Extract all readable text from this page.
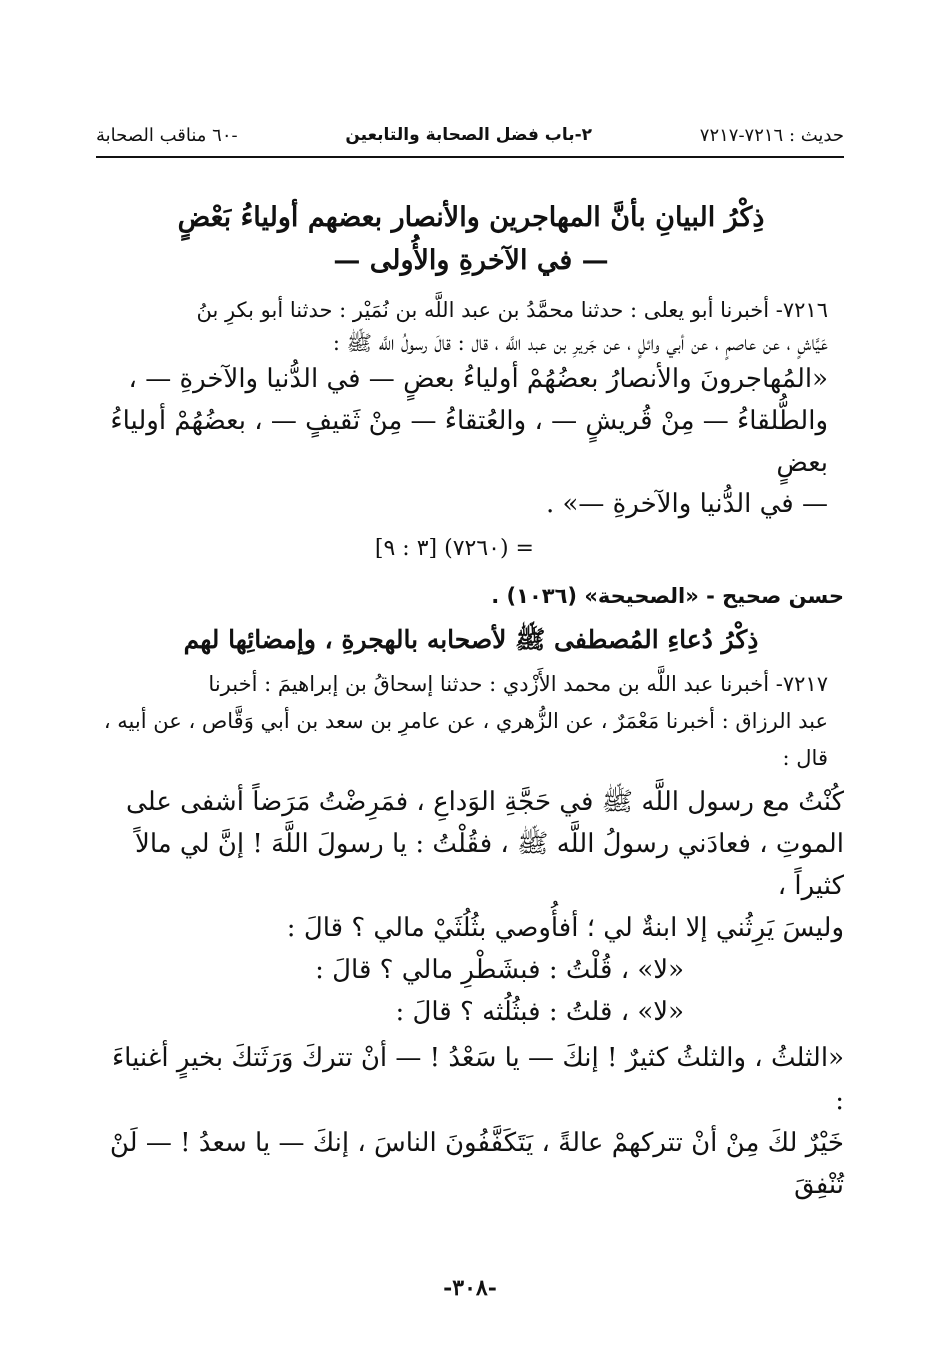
-٦٠ مناقب الصحابة	٢-باب فضل الصحابة والتابعين	حديث : ٧٢١٦-٧٢١٧
ذِكْرُ البيانِ بأنَّ المهاجرين والأنصار بعضهم أولياءُ بَعْضٍ
— في الآخرةِ والأُولى —
٧٢١٦- أخبرنا أبو يعلى : حدثنا محمَّدُ بن عبد اللَّه بن نُمَيْر : حدثنا أبو بكرِ بنُ
عَيَّاشٍ ، عن عاصمٍ ، عن أبي وائلٍ ، عن جَريرِ بن عبد اللَّه ، قال : قالَ رسولُ اللَّه ﷺ :
«المُهاجرونَ والأنصارُ بعضُهُمْ أولياءُ بعضٍ — في الدُّنيا والآخرةِ — ،
والطُّلقاءُ — مِنْ قُريشٍ — ، والعُتقاءُ — مِنْ ثَقيفٍ — ، بعضُهُمْ أولياءُ بعضٍ
— في الدُّنيا والآخرةِ —» .
= (٧٢٦٠) [٣ : ٩]
حسن صحيح - «الصحيحة» (١٠٣٦) .
ذِكْرُ دُعاءِ المُصطفى ﷺ لأصحابه بالهجرةِ ، وإمضائِها لهم
٧٢١٧- أخبرنا عبد اللَّه بن محمد الأَزْدي : حدثنا إسحاقُ بن إبراهيمَ : أخبرنا
عبد الرزاق : أخبرنا مَعْمَرٌ ، عن الزُّهري ، عن عامرِ بن سعد بن أبي وَقَّاص ، عن أبيه ،
قال :
كُنْتُ مع رسول اللَّه ﷺ في حَجَّةِ الوَداعِ ، فمَرِضْتُ مَرَضاً أشفى على
الموتِ ، فعادَني رسولُ اللَّه ﷺ ، فقُلْتُ : يا رسولَ اللَّهَ ! إنَّ لي مالاً كثيراً ،
وليسَ يَرِثُني إلا ابنةٌ لي ؛ أفأُوصي بثُلُثَيْ مالي ؟ قالَ :
«لا» ، قُلْتُ : فبشَطْرِ مالي ؟ قالَ :
«لا» ، قلتُ : فبثُلُثه ؟ قالَ :
«الثلثُ ، والثلثُ كثيرٌ ! إنكَ — يا سَعْدُ ! — أنْ تتركَ وَرَثَتكَ بخيرٍ أغنياءَ :
خَيْرٌ لكَ مِنْ أنْ تتركهمْ عالةً ، يَتَكَفَّفُونَ الناسَ ، إنكَ — يا سعدُ ! — لَنْ تُنْفِقَ
-٣٠٨-
